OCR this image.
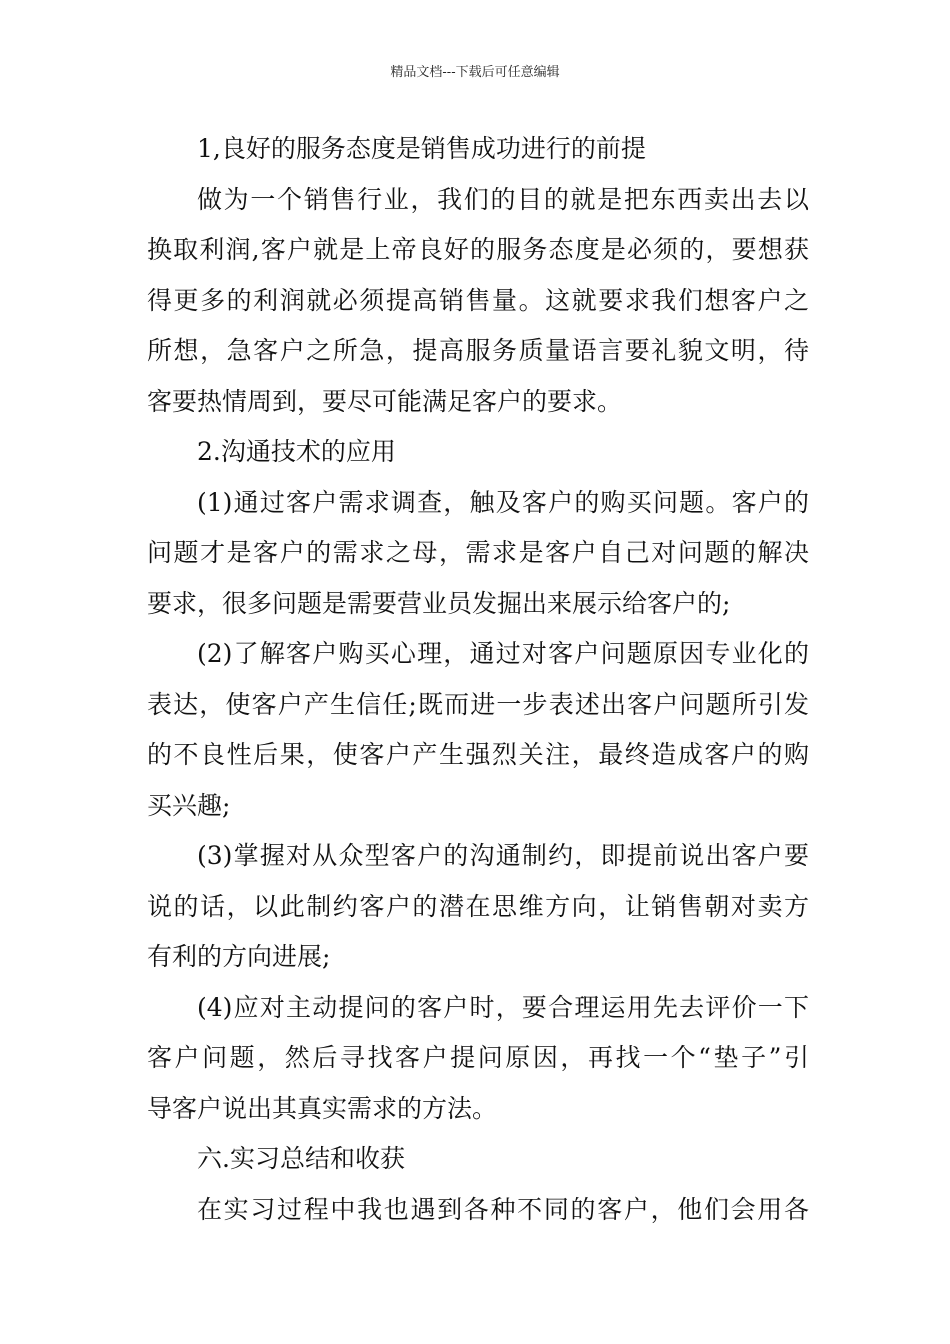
精品文档---下载后可任意编辑
1,良好的服务态度是销售成功进行的前提
做为一个销售行业，我们的目的就是把东西卖出去以
换取利润,客户就是上帝良好的服务态度是必须的，要想获
得更多的利润就必须提高销售量。这就要求我们想客户之
所想，急客户之所急，提高服务质量语言要礼貌文明，待
客要热情周到，要尽可能满足客户的要求。
2.沟通技术的应用
(1)通过客户需求调查，触及客户的购买问题。客户的
问题才是客户的需求之母，需求是客户自己对问题的解决
要求，很多问题是需要营业员发掘出来展示给客户的;
(2)了解客户购买心理，通过对客户问题原因专业化的
表达，使客户产生信任;既而进一步表述出客户问题所引发
的不良性后果，使客户产生强烈关注，最终造成客户的购
买兴趣;
(3)掌握对从众型客户的沟通制约，即提前说出客户要
说的话，以此制约客户的潜在思维方向，让销售朝对卖方
有利的方向进展;
(4)应对主动提问的客户时，要合理运用先去评价一下
客户问题，然后寻找客户提问原因，再找一个“垫子”引
导客户说出其真实需求的方法。
六.实习总结和收获
在实习过程中我也遇到各种不同的客户，他们会用各
